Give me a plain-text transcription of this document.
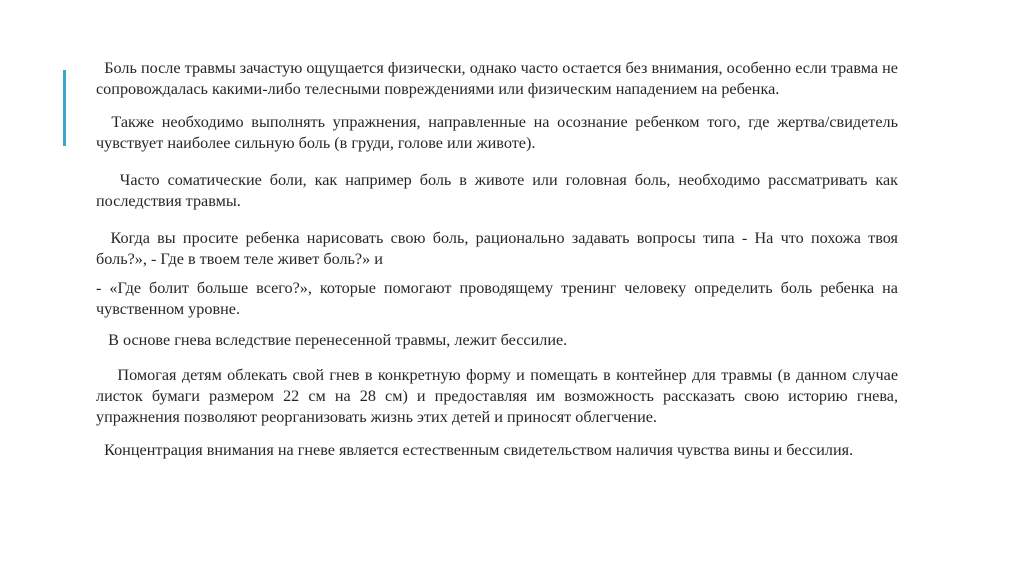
Боль после травмы зачастую ощущается физически, однако часто остается без внимания, особенно если травма не сопровождалась какими-либо телесными повреждениями или физическим нападением на ребенка.

Также необходимо выполнять упражнения, направленные на осознание ребенком того, где жертва/свидетель чувствует наиболее сильную боль (в груди, голове или животе).

Часто соматические боли, как например боль в животе или головная боль, необходимо рассматривать как последствия травмы.

Когда вы просите ребенка нарисовать свою боль, рационально задавать вопросы типа - На что похожа твоя боль?», - Где в твоем теле живет боль?» и

- «Где болит больше всего?», которые помогают проводящему тренинг человеку определить боль ребенка на чувственном уровне.

В основе гнева вследствие перенесенной травмы, лежит бессилие.

Помогая детям облекать свой гнев в конкретную форму и помещать в контейнер для травмы (в данном случае листок бумаги размером 22 см на 28 см) и предоставляя им возможность рассказать свою историю гнева, упражнения позволяют реорганизовать жизнь этих детей и приносят облегчение.

Концентрация внимания на гневе является естественным свидетельством наличия чувства вины и бессилия.
